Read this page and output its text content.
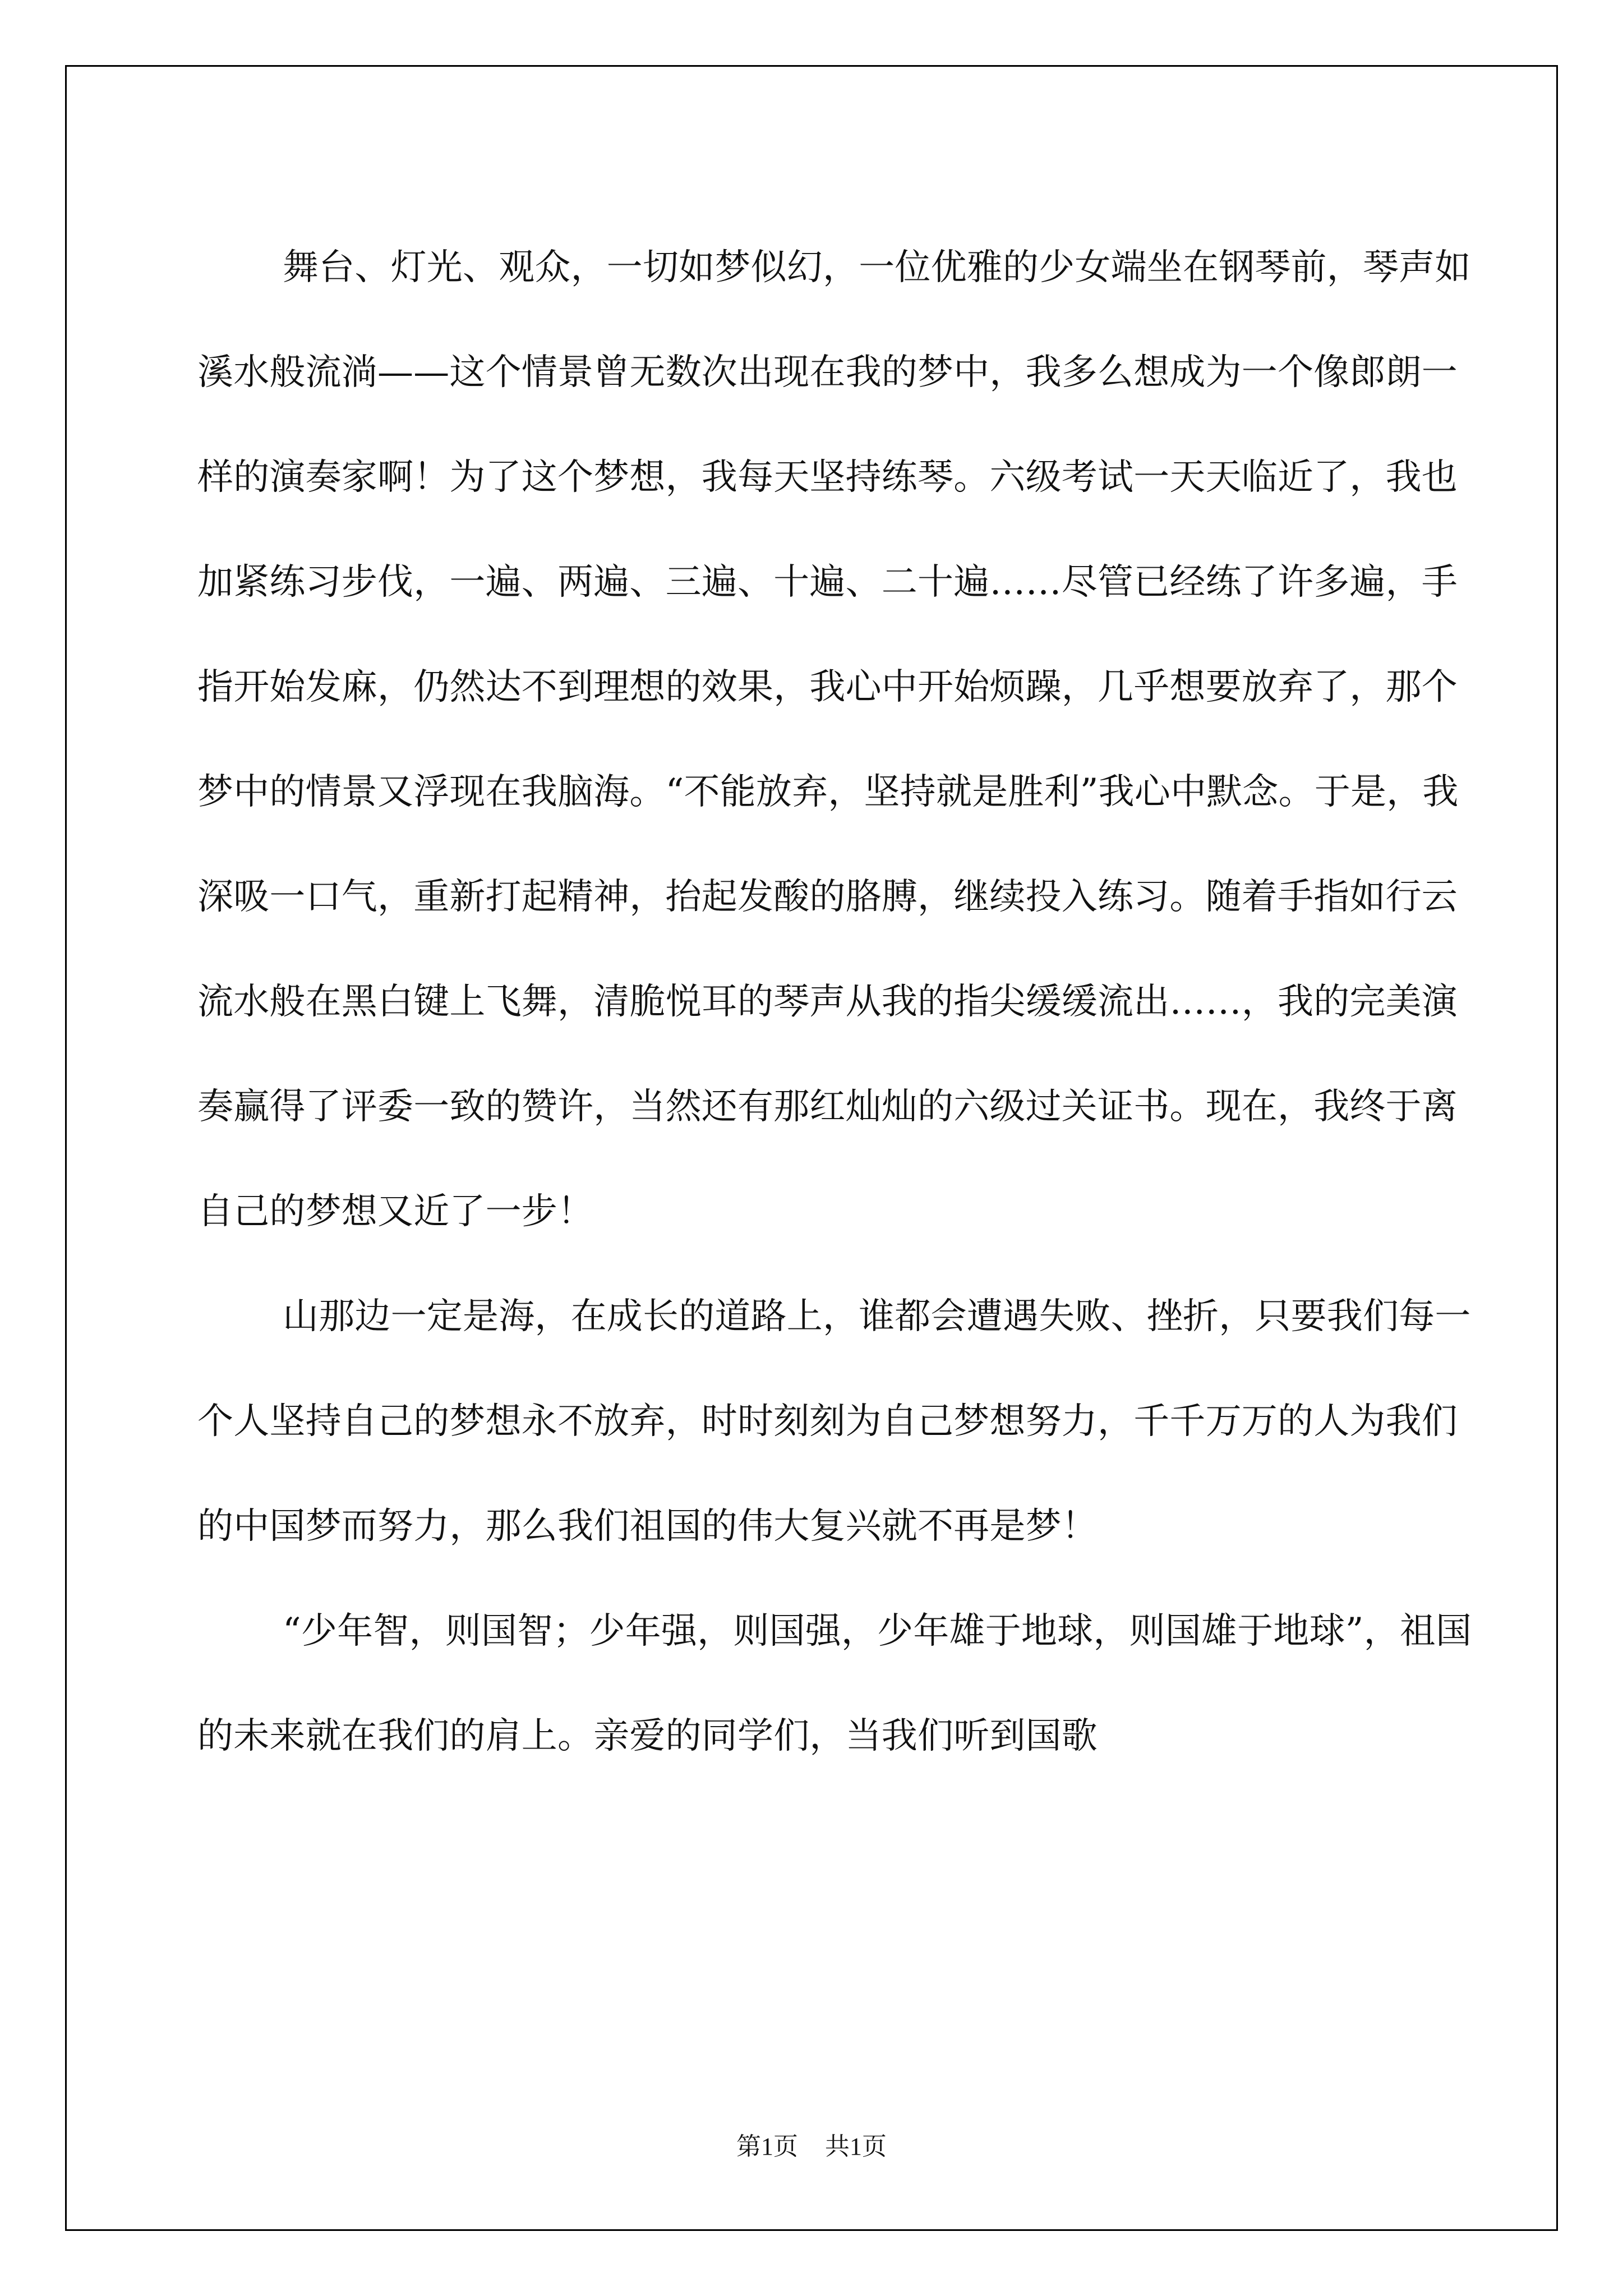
舞台、灯光、观众，一切如梦似幻，一位优雅的少女端坐在钢琴前，琴声如溪水般流淌——这个情景曾无数次出现在我的梦中，我多么想成为一个像郎朗一样的演奏家啊！为了这个梦想，我每天坚持练琴。六级考试一天天临近了，我也加紧练习步伐，一遍、两遍、三遍、十遍、二十遍……尽管已经练了许多遍，手指开始发麻，仍然达不到理想的效果，我心中开始烦躁，几乎想要放弃了，那个梦中的情景又浮现在我脑海。“不能放弃，坚持就是胜利”我心中默念。于是，我深吸一口气，重新打起精神，抬起发酸的胳膊，继续投入练习。随着手指如行云流水般在黑白键上飞舞，清脆悦耳的琴声从我的指尖缓缓流出……，我的完美演奏赢得了评委一致的赞许，当然还有那红灿灿的六级过关证书。现在，我终于离自己的梦想又近了一步！

山那边一定是海，在成长的道路上，谁都会遭遇失败、挫折，只要我们每一个人坚持自己的梦想永不放弃，时时刻刻为自己梦想努力，千千万万的人为我们的中国梦而努力，那么我们祖国的伟大复兴就不再是梦！

“少年智，则国智；少年强，则国强，少年雄于地球，则国雄于地球”，祖国的未来就在我们的肩上。亲爱的同学们，当我们听到国歌

第1页 共1页
